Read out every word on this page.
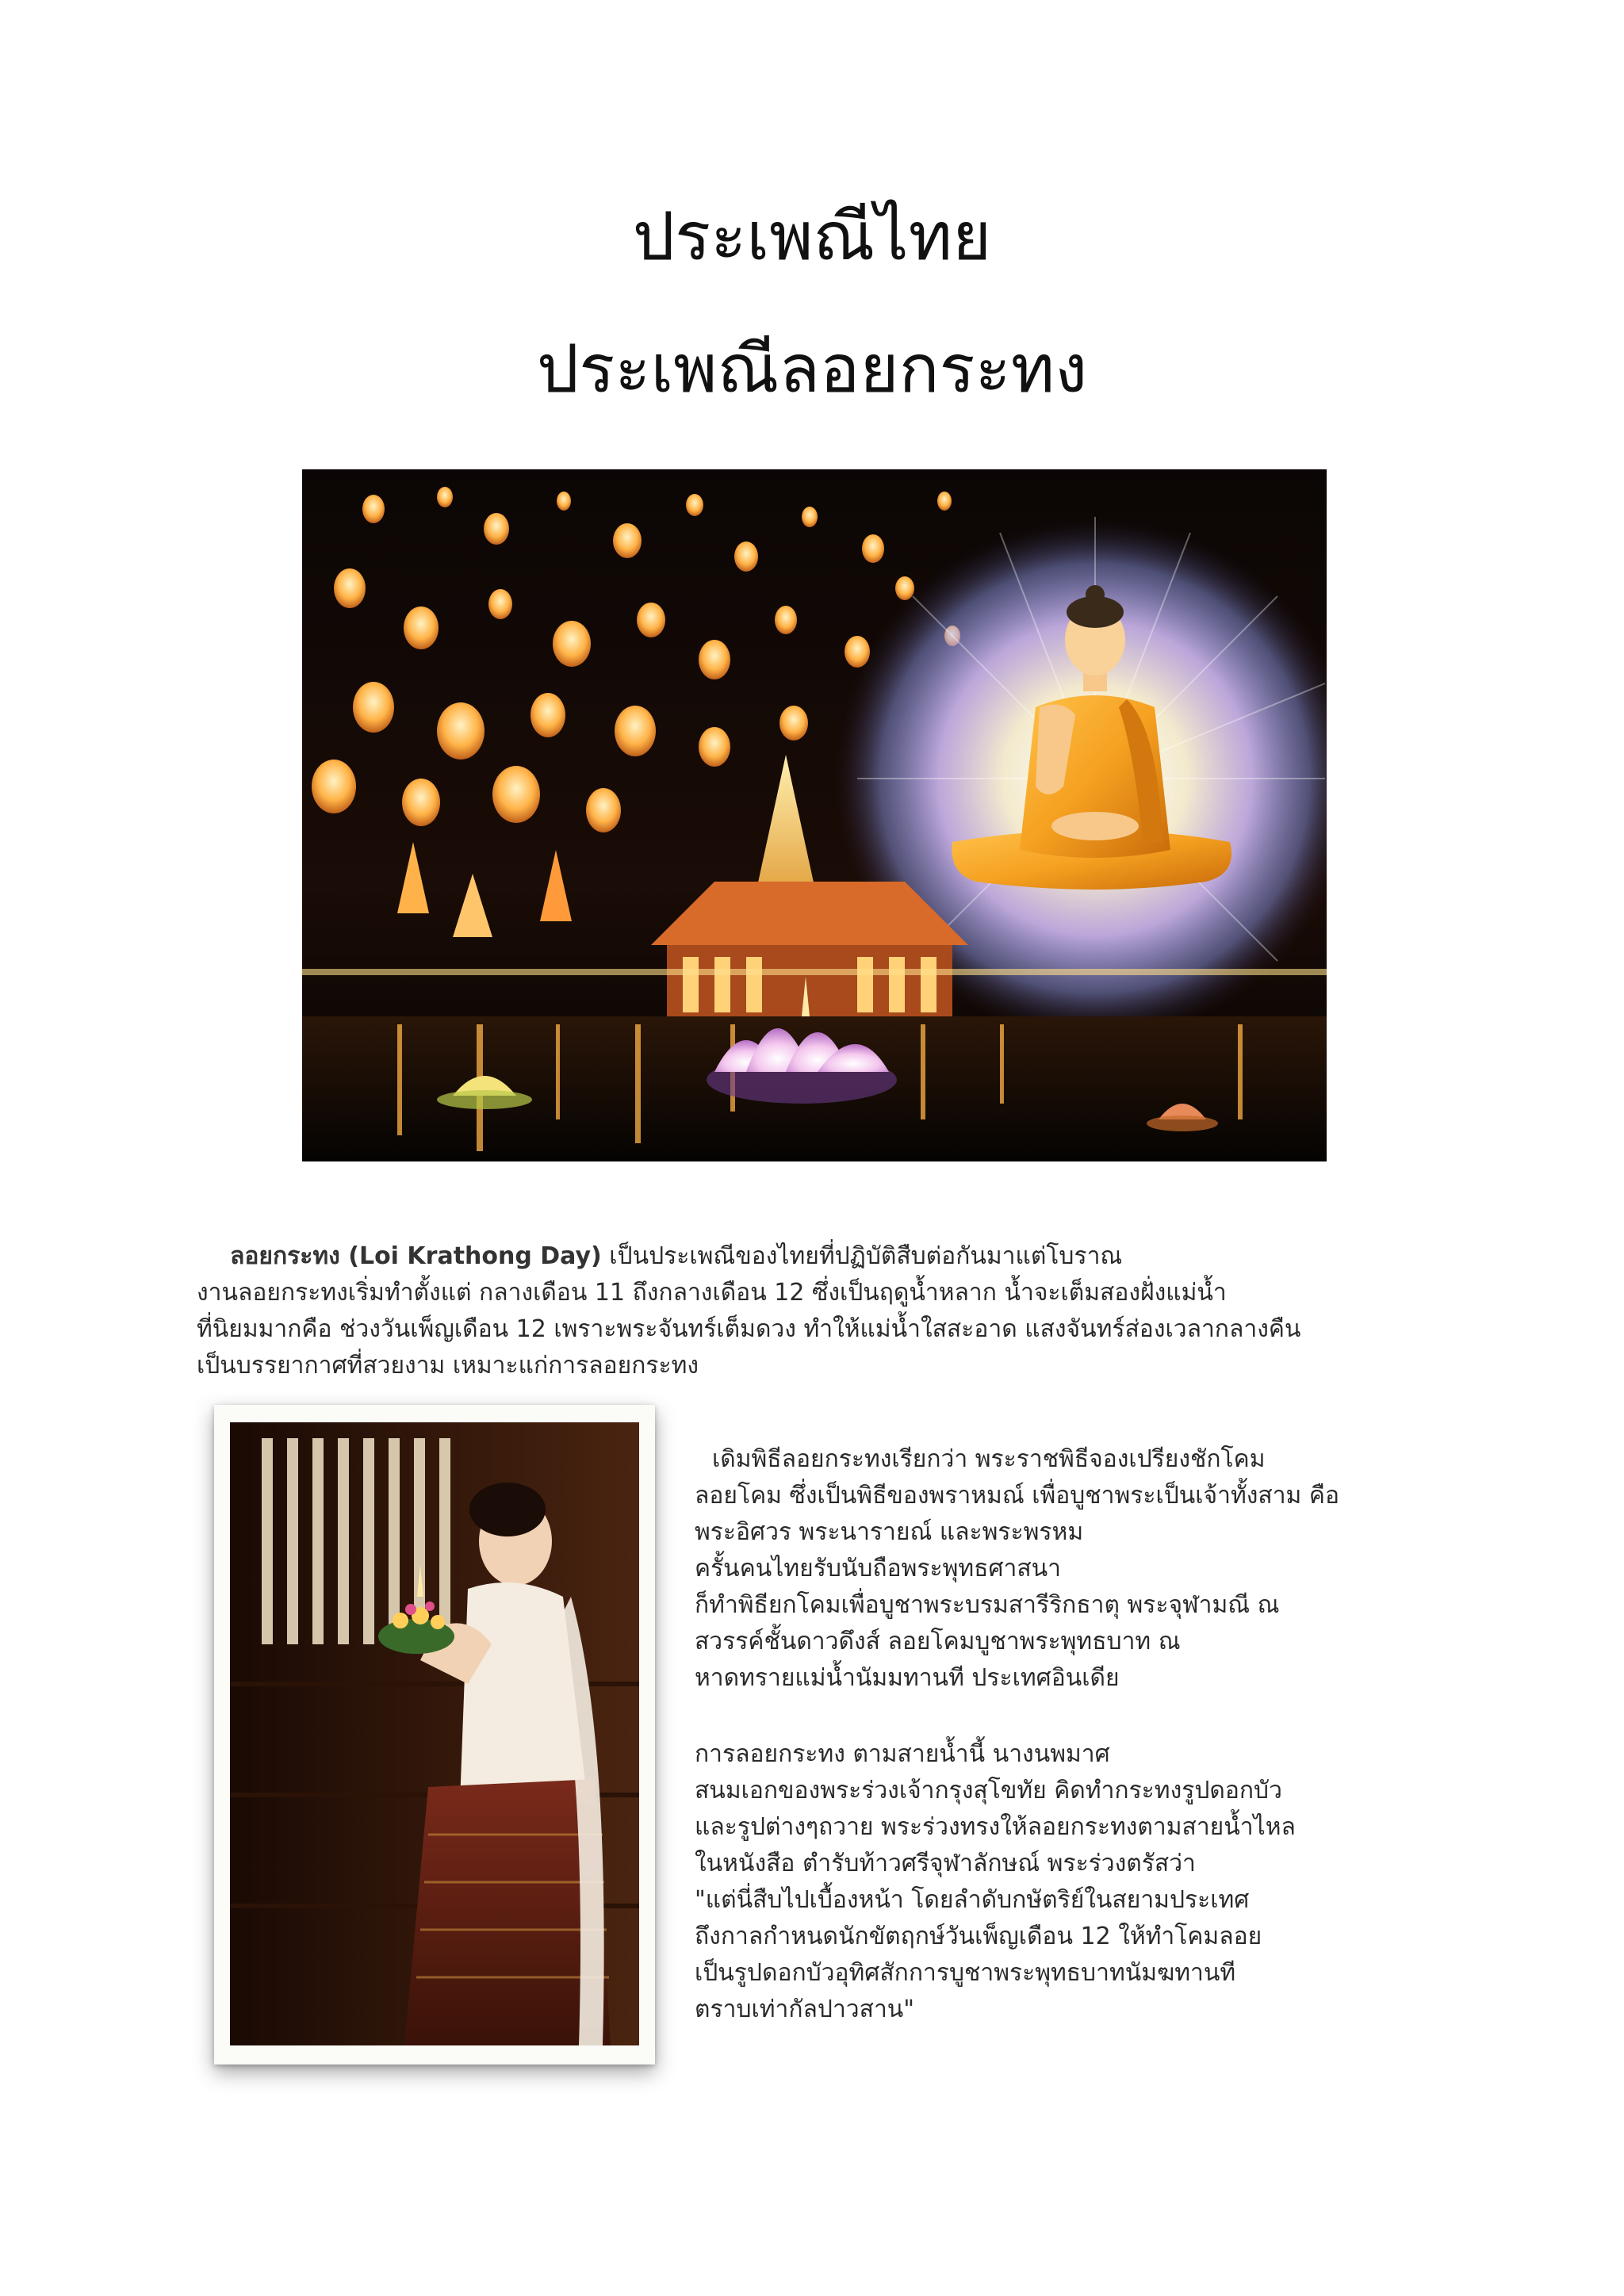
ประเพณีไทย
ประเพณีลอยกระทง
ลอยกระทง (Loi Krathong Day) เป็นประเพณีของไทยที่ปฏิบัติสืบต่อกันมาแต่โบราณ
งานลอยกระทงเริ่มทำตั้งแต่ กลางเดือน 11 ถึงกลางเดือน 12 ซึ่งเป็นฤดูน้ำหลาก น้ำจะเต็มสองฝั่งแม่น้ำ
ที่นิยมมากคือ ช่วงวันเพ็ญเดือน 12 เพราะพระจันทร์เต็มดวง ทำให้แม่น้ำใสสะอาด แสงจันทร์ส่องเวลากลางคืน
เป็นบรรยากาศที่สวยงาม เหมาะแก่การลอยกระทง
เดิมพิธีลอยกระทงเรียกว่า พระราชพิธีจองเปรียงชักโคม
ลอยโคม ซึ่งเป็นพิธีของพราหมณ์ เพื่อบูชาพระเป็นเจ้าทั้งสาม คือ
พระอิศวร พระนารายณ์ และพระพรหม
ครั้นคนไทยรับนับถือพระพุทธศาสนา
ก็ทำพิธียกโคมเพื่อบูชาพระบรมสารีริกธาตุ พระจุฬามณี ณ
สวรรค์ชั้นดาวดึงส์ ลอยโคมบูชาพระพุทธบาท ณ
หาดทรายแม่น้ำนัมมทานที ประเทศอินเดีย
การลอยกระทง ตามสายน้ำนี้ นางนพมาศ
สนมเอกของพระร่วงเจ้ากรุงสุโขทัย คิดทำกระทงรูปดอกบัว
และรูปต่างๆถวาย พระร่วงทรงให้ลอยกระทงตามสายน้ำไหล
ในหนังสือ ตำรับท้าวศรีจุฬาลักษณ์ พระร่วงตรัสว่า
"แต่นี่สืบไปเบื้องหน้า โดยลำดับกษัตริย์ในสยามประเทศ
ถึงกาลกำหนดนักขัตฤกษ์วันเพ็ญเดือน 12 ให้ทำโคมลอย
เป็นรูปดอกบัวอุทิศสักการบูชาพระพุทธบาทนัมฆทานที
ตราบเท่ากัลปาวสาน"
